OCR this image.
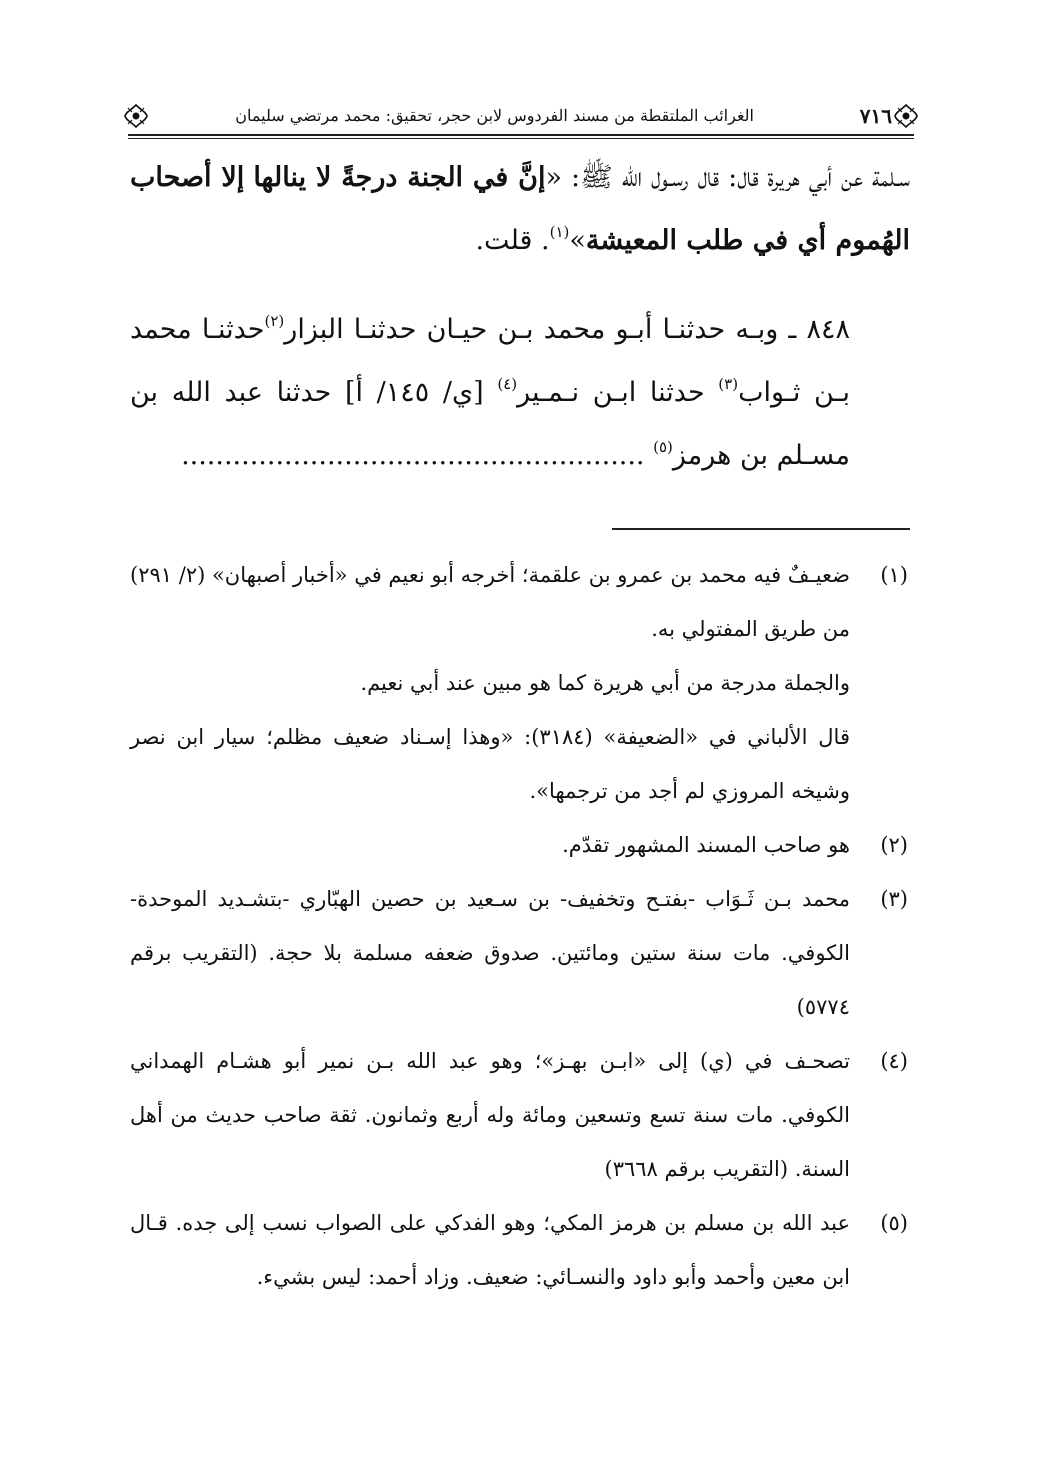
٧١٦
الغرائب الملتقطة من مسند الفردوس لابن حجر، تحقيق: محمد مرتضي سليمان

سـلمة عن أبي هريرة قال: قال رسـول الله ﷺ: «إنَّ في الجنة درجةً لا ينالها إلا أصحاب الهُموم أي في طلب المعيشة»$^{(١)}$. قلت.

٨٤٨ ـ وبـه حدثنـا أبـو محمد بـن حيـان حدثنـا البزار$^{(٢)}$حدثنـا محمد بـن ثـواب$^{(٣)}$ حدثنا ابـن نـمـير$^{(٤)}$ [ي/ ١٤٥/ أ] حدثنا عبد الله بن مسـلم بن هرمز$^{(٥)}$ ......................................................

(١)
ضعيـفٌ فيه محمد بن عمرو بن علقمة؛ أخرجه أبو نعيم في «أخبار أصبهان» (٢/ ٢٩١) من طريق المفتولي به.
والجملة مدرجة من أبي هريرة كما هو مبين عند أبي نعيم.
قال الألباني في «الضعيفة» (٣١٨٤): «وهذا إسـناد ضعيف مظلم؛ سيار ابن نصر وشيخه المروزي لم أجد من ترجمها».
(٢)
هو صاحب المسند المشهور تقدّم.
(٣)
محمد بـن ثَـوَاب -بفتـح وتخفيف- بن سـعيد بن حصين الهبّاري -بتشـديد الموحدة- الكوفي. مات سنة ستين ومائتين. صدوق ضعفه مسلمة بلا حجة. (التقريب برقم ٥٧٧٤)
(٤)
تصحـف في (ي) إلى «ابـن بهـز»؛ وهو عبد الله بـن نمير أبو هشـام الهمداني الكوفي. مات سنة تسع وتسعين ومائة وله أربع وثمانون. ثقة صاحب حديث من أهل السنة. (التقريب برقم ٣٦٦٨)
(٥)
عبد الله بن مسلم بن هرمز المكي؛ وهو الفدكي على الصواب نسب إلى جده. قـال ابن معين وأحمد وأبو داود والنسـائي: ضعيف. وزاد أحمد: ليس بشيء.
